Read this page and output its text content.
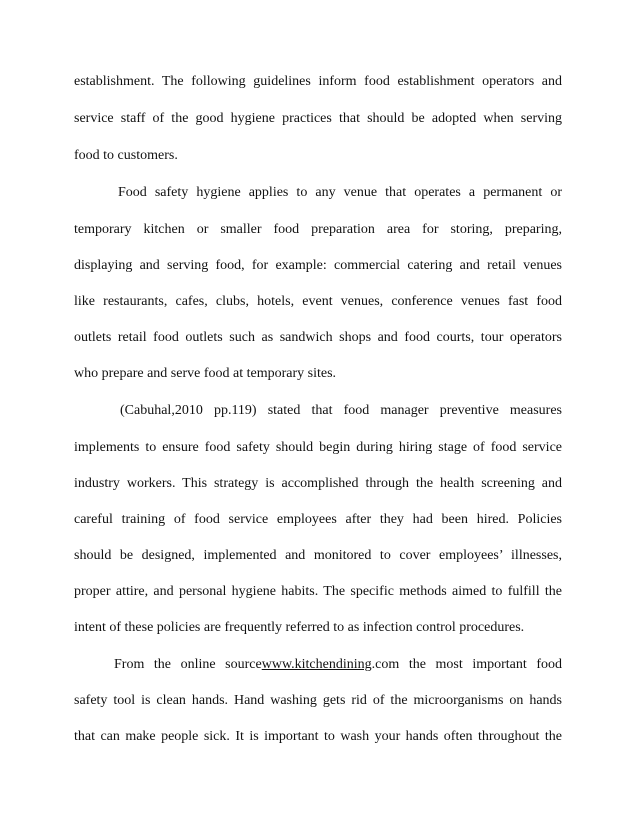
establishment. The following guidelines inform food establishment operators and
service staff of the good hygiene practices that should be adopted when serving
food to customers.
Food safety hygiene applies to any venue that operates a permanent or
temporary kitchen or smaller food preparation area for storing, preparing,
displaying and serving food, for example: commercial catering and retail venues
like restaurants, cafes, clubs, hotels, event venues, conference venues fast food
outlets retail food outlets such as sandwich shops and food courts, tour operators
who prepare and serve food at temporary sites.
(Cabuhal,2010 pp.119) stated that food manager preventive measures
implements to ensure food safety should begin during hiring stage of food service
industry workers. This strategy is accomplished through the health screening and
careful training of food service employees after they had been hired. Policies
should be designed, implemented and monitored to cover employees’ illnesses,
proper attire, and personal hygiene habits. The specific methods aimed to fulfill the
intent of these policies are frequently referred to as infection control procedures.
From the online sourcewww.kitchendining.com the most important food
safety tool is clean hands. Hand washing gets rid of the microorganisms on hands
that can make people sick. It is important to wash your hands often throughout the
